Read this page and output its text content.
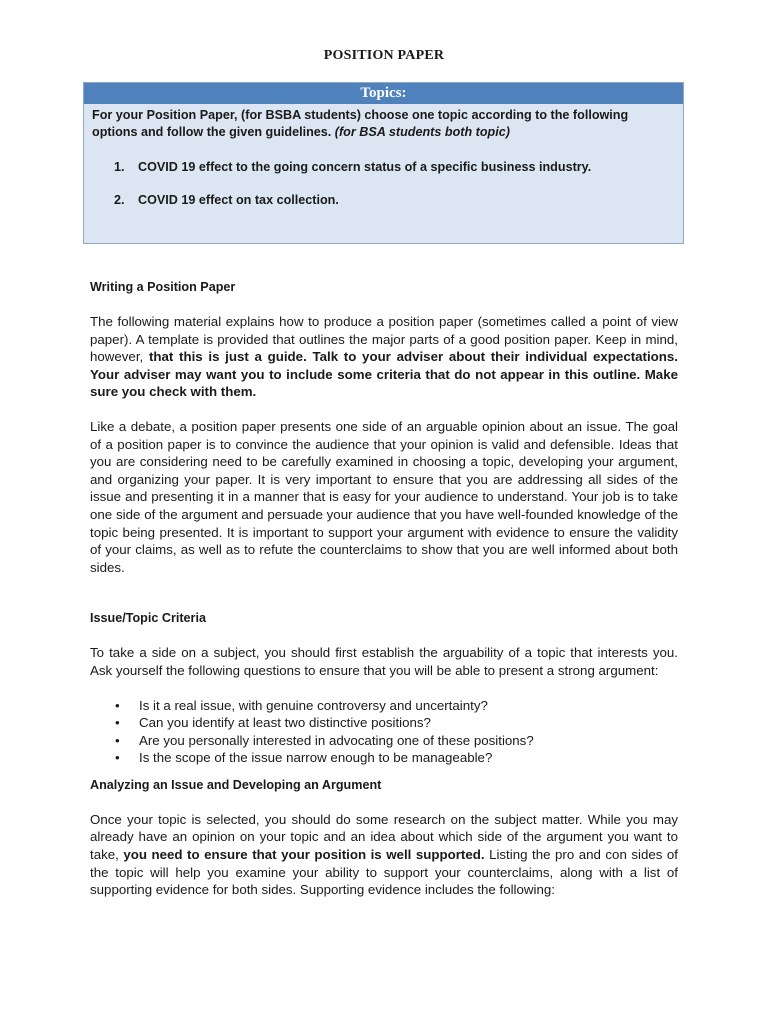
POSITION PAPER
Topics:
For your Position Paper, (for BSBA students) choose one topic according to the following options and follow the given guidelines. (for BSA students both topic)
1. COVID 19 effect to the going concern status of a specific business industry.
2. COVID 19 effect on tax collection.

Writing a Position Paper

The following material explains how to produce a position paper (sometimes called a point of view paper). A template is provided that outlines the major parts of a good position paper. Keep in mind, however, that this is just a guide. Talk to your adviser about their individual expectations. Your adviser may want you to include some criteria that do not appear in this outline. Make sure you check with them.

Like a debate, a position paper presents one side of an arguable opinion about an issue. The goal of a position paper is to convince the audience that your opinion is valid and defensible. Ideas that you are considering need to be carefully examined in choosing a topic, developing your argument, and organizing your paper. It is very important to ensure that you are addressing all sides of the issue and presenting it in a manner that is easy for your audience to understand. Your job is to take one side of the argument and persuade your audience that you have well-founded knowledge of the topic being presented. It is important to support your argument with evidence to ensure the validity of your claims, as well as to refute the counterclaims to show that you are well informed about both sides.

Issue/Topic Criteria

To take a side on a subject, you should first establish the arguability of a topic that interests you. Ask yourself the following questions to ensure that you will be able to present a strong argument:

• Is it a real issue, with genuine controversy and uncertainty?
• Can you identify at least two distinctive positions?
• Are you personally interested in advocating one of these positions?
• Is the scope of the issue narrow enough to be manageable?

Analyzing an Issue and Developing an Argument

Once your topic is selected, you should do some research on the subject matter. While you may already have an opinion on your topic and an idea about which side of the argument you want to take, you need to ensure that your position is well supported. Listing the pro and con sides of the topic will help you examine your ability to support your counterclaims, along with a list of supporting evidence for both sides. Supporting evidence includes the following:
